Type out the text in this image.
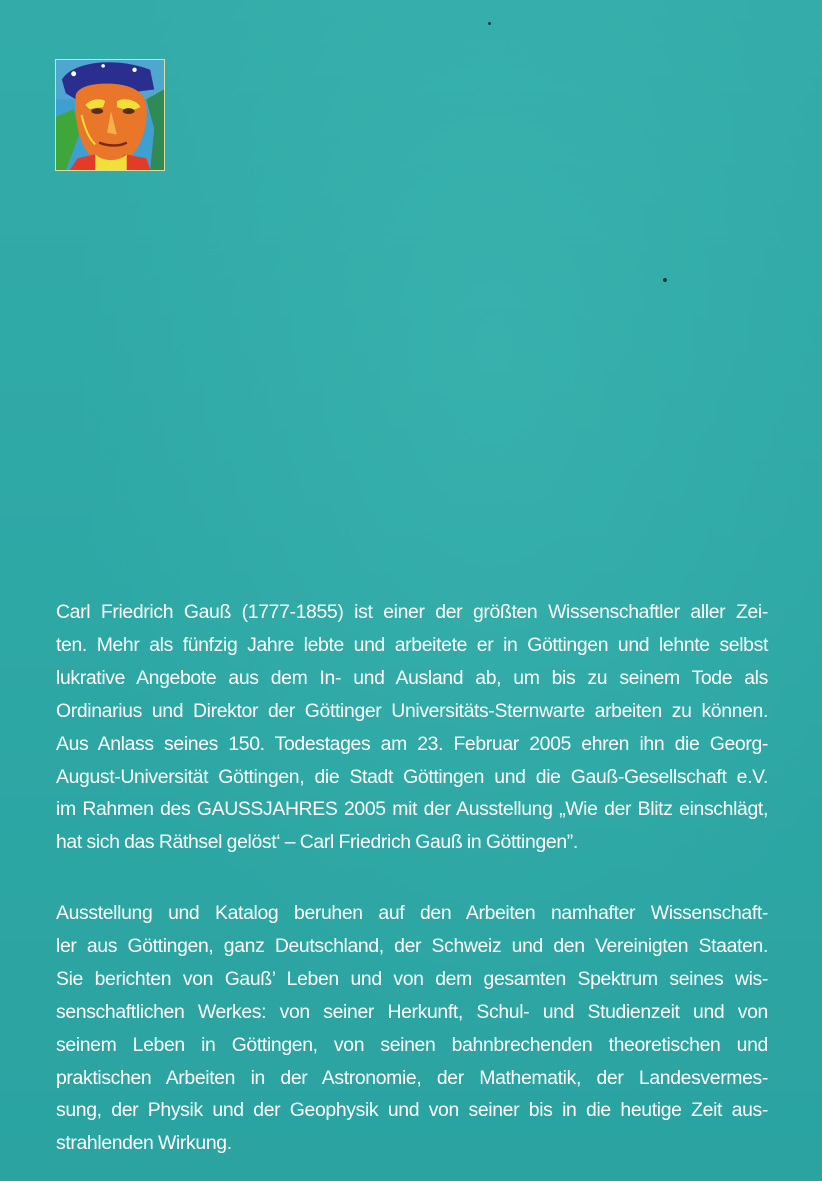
Carl Friedrich Gauß (1777-1855) ist einer der größten Wissenschaftler aller Zei-
ten. Mehr als fünfzig Jahre lebte und arbeitete er in Göttingen und lehnte selbst
lukrative Angebote aus dem In- und Ausland ab, um bis zu seinem Tode als
Ordinarius und Direktor der Göttinger Universitäts-Sternwarte arbeiten zu können.
Aus Anlass seines 150. Todestages am 23. Februar 2005 ehren ihn die Georg-
August-Universität Göttingen, die Stadt Göttingen und die Gauß-Gesellschaft e.V.
im Rahmen des GAUSSJAHRES 2005 mit der Ausstellung „Wie der Blitz einschlägt,
hat sich das Räthsel gelöst‘ – Carl Friedrich Gauß in Göttingen”.

Ausstellung und Katalog beruhen auf den Arbeiten namhafter Wissenschaft-
ler aus Göttingen, ganz Deutschland, der Schweiz und den Vereinigten Staaten.
Sie berichten von Gauß’ Leben und von dem gesamten Spektrum seines wis-
senschaftlichen Werkes: von seiner Herkunft, Schul- und Studienzeit und von
seinem Leben in Göttingen, von seinen bahnbrechenden theoretischen und
praktischen Arbeiten in der Astronomie, der Mathematik, der Landesvermes-
sung, der Physik und der Geophysik und von seiner bis in die heutige Zeit aus-
strahlenden Wirkung.
